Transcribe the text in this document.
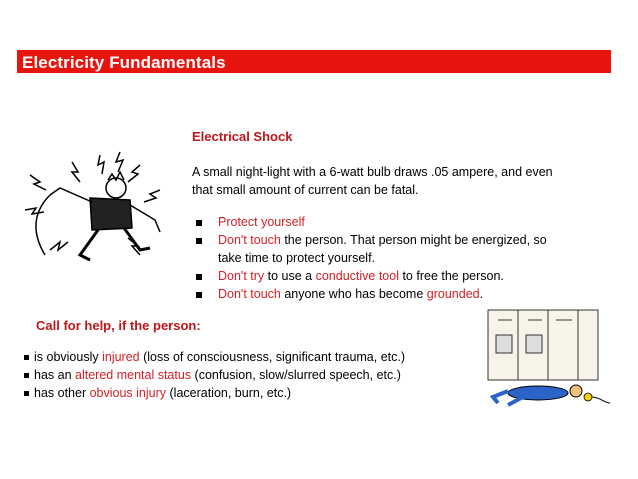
Electricity Fundamentals
Electrical Shock
A small night-light with a 6-watt bulb draws .05 ampere, and even
that small amount of current can be fatal.
Protect yourself
Don't touch the person. That person might be energized, so
take time to protect yourself.
Don't try to use a conductive tool to free the person.
Don't touch anyone who has become grounded.
Call for help, if the person:
is obviously injured (loss of consciousness, significant trauma, etc.)
has an altered mental status (confusion, slow/slurred speech, etc.)
has other obvious injury (laceration, burn, etc.)
